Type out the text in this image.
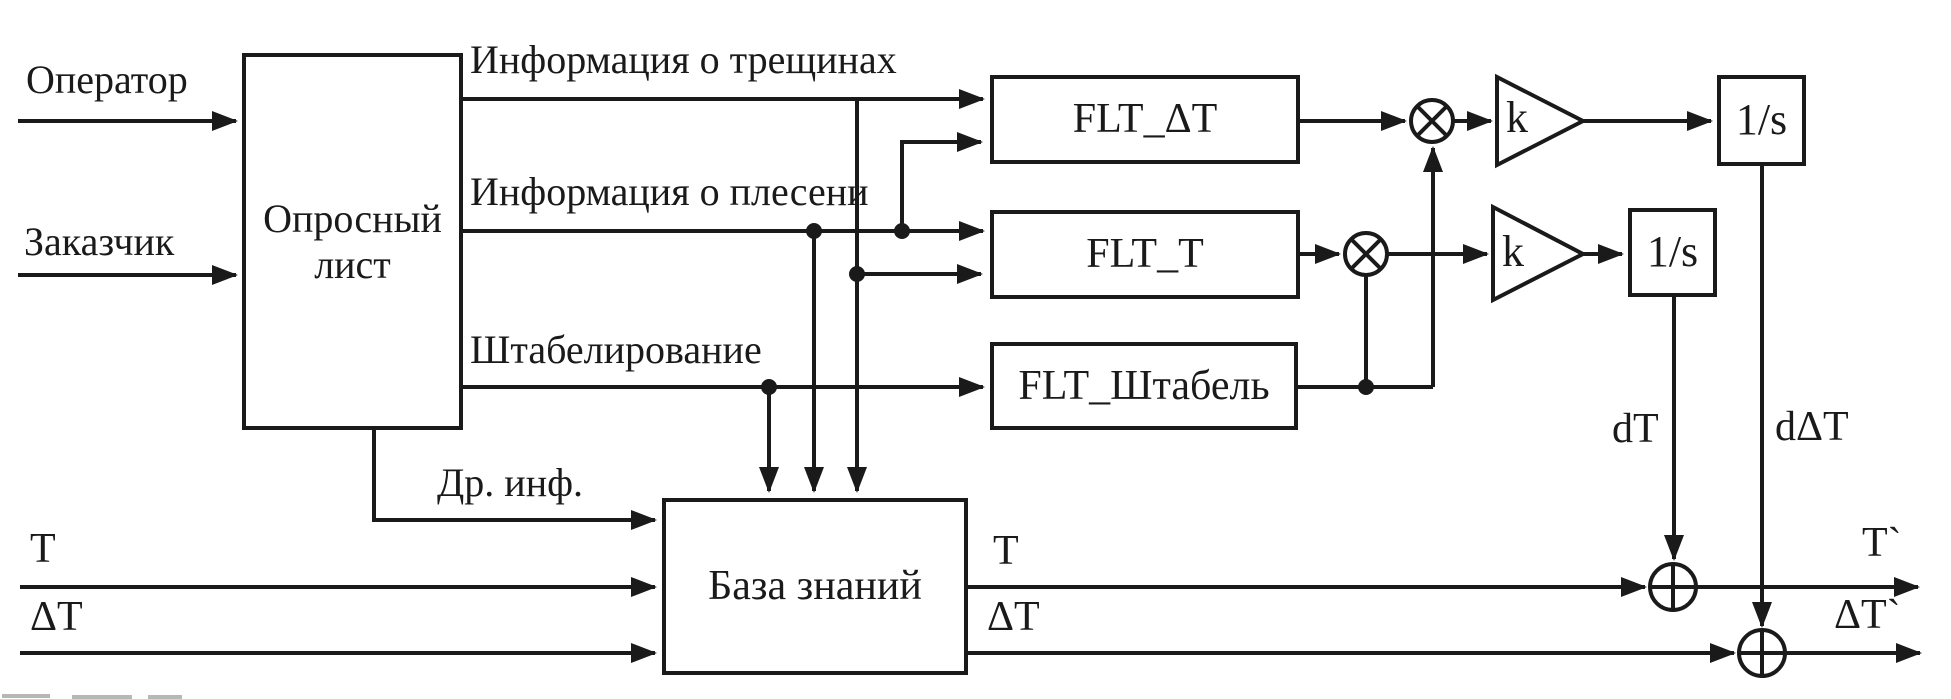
Опросный
лист
FLT_ΔT
FLT_T
FLT_Штабель
1/s
1/s
База знаний
k
k
Оператор
Заказчик
Информация о трещинах
Информация о плесени
Штабелирование
Др. инф.
T
ΔT
T
ΔT
dT	dΔT
T`
ΔT`
